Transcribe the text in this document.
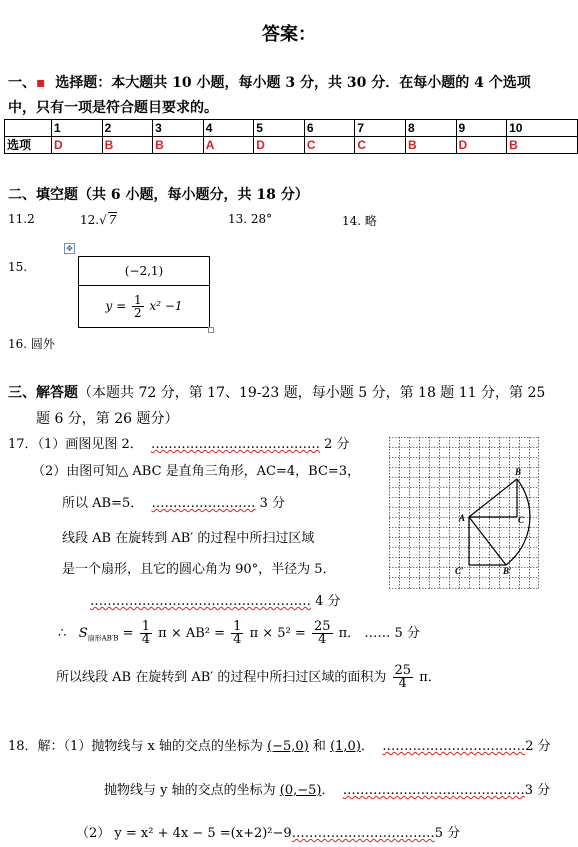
答案：
一、▪ 选择题：本大题共 10 小题，每小题 3 分，共 30 分．在每小题的 4 个选项
中，只有一项是符合题目要求的。
	1	2	3	4	5	6	7	8	9	10
选项	D	B	B	A	D	C	C	B	D	B
二、填空题（共 6 小题，每小题分，共 18 分）
11.2	12.√ 7	13. 28°	14. 略
✥
15.	(−2,1)
$y = \frac{1}{2} x^2 -1$
16. 圆外
三、解答题（本题共 72 分，第 17、19-23 题，每小题 5 分，第 18 题 11 分，第 25
题 6 分，第 26 题分）
17．（1）画图见图 2． ………………………………… 2 分
（2）由图可知△ ABC 是直角三角形，AC=4，BC=3，
所以 AB=5． …………………… 3 分
线段 AB 在旋转到 AB′ 的过程中所扫过区域
是一个扇形，且它的圆心角为 90°，半径为 5．
…………………………………………… 4 分
∴ $S_{扇形AB'B} = \frac{1}{4}$ $\pi \times AB^2 = \frac{1}{4}$ $\pi \times 5^2 = \frac{25}{4}$ π． …… 5 分
所以线段 AB 在旋转到 AB′ 的过程中所扫过区域的面积为 $\frac{25}{4}$ π．
A
B
C
B′
C′
18．解：（1）抛物线与 x 轴的交点的坐标为 (−5,0) 和 (1,0)． ……………………………2 分
抛物线与 y 轴的交点的坐标为 (0,−5)． ……………………………………3 分
（2） y = x² + 4x − 5 =(x+2)²−9……………………………5 分
